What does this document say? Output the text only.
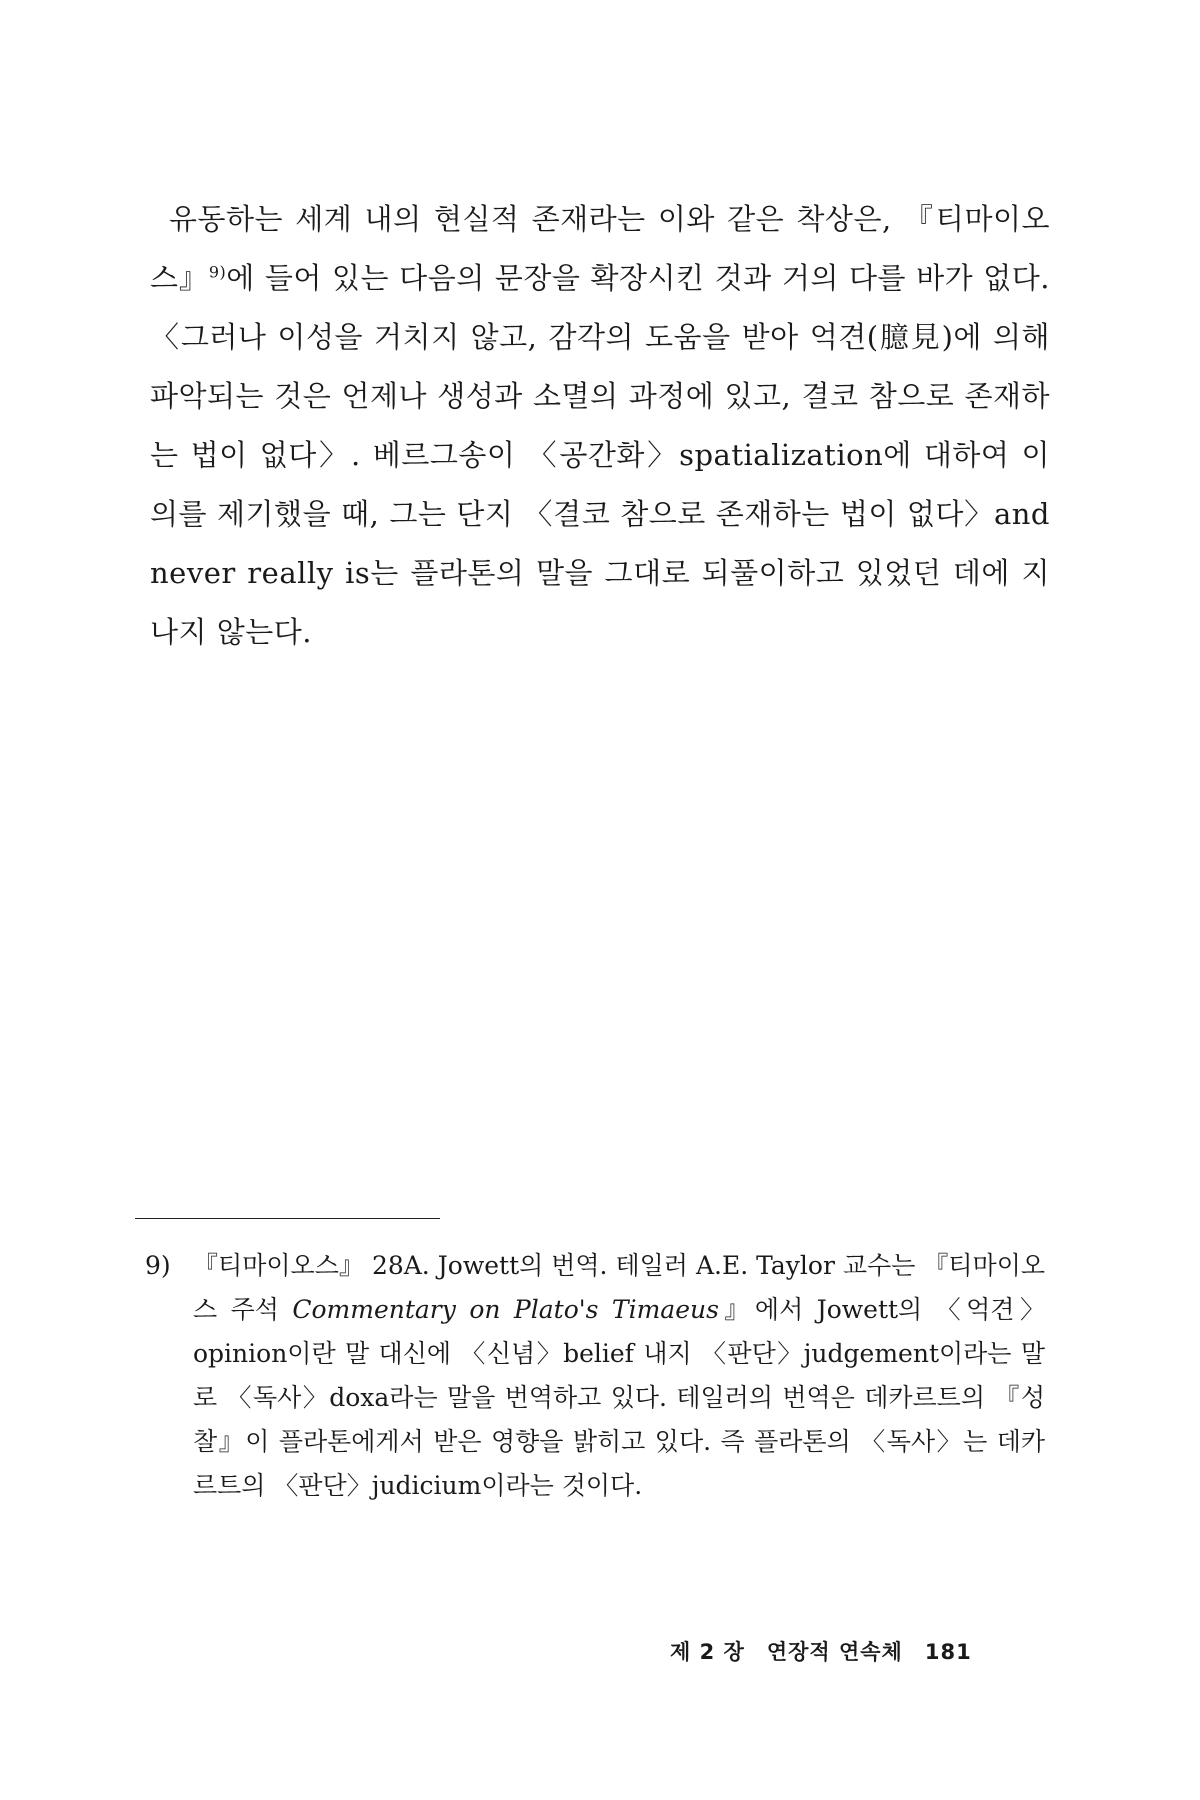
유동하는 세계 내의 현실적 존재라는 이와 같은 착상은, 『티마이오스』$^{9)}$에 들어 있는 다음의 문장을 확장시킨 것과 거의 다를 바가 없다. 〈그러나 이성을 거치지 않고, 감각의 도움을 받아 억견(臆見)에 의해 파악되는 것은 언제나 생성과 소멸의 과정에 있고, 결코 참으로 존재하는 법이 없다〉. 베르그송이 〈공간화〉spatialization에 대하여 이의를 제기했을 때, 그는 단지 〈결코 참으로 존재하는 법이 없다〉and never really is는 플라톤의 말을 그대로 되풀이하고 있었던 데에 지나지 않는다.

9) 『티마이오스』 28A. Jowett의 번역. 테일러 A.E. Taylor 교수는 『티마이오스 주석 Commentary on Plato's Timaeus』에서 Jowett의 〈억견〉opinion이란 말 대신에 〈신념〉belief 내지 〈판단〉judgement이라는 말로 〈독사〉doxa라는 말을 번역하고 있다. 테일러의 번역은 데카르트의 『성찰』이 플라톤에게서 받은 영향을 밝히고 있다. 즉 플라톤의 〈독사〉는 데카르트의 〈판단〉judicium이라는 것이다.

제 2 장 연장적 연속체 181
